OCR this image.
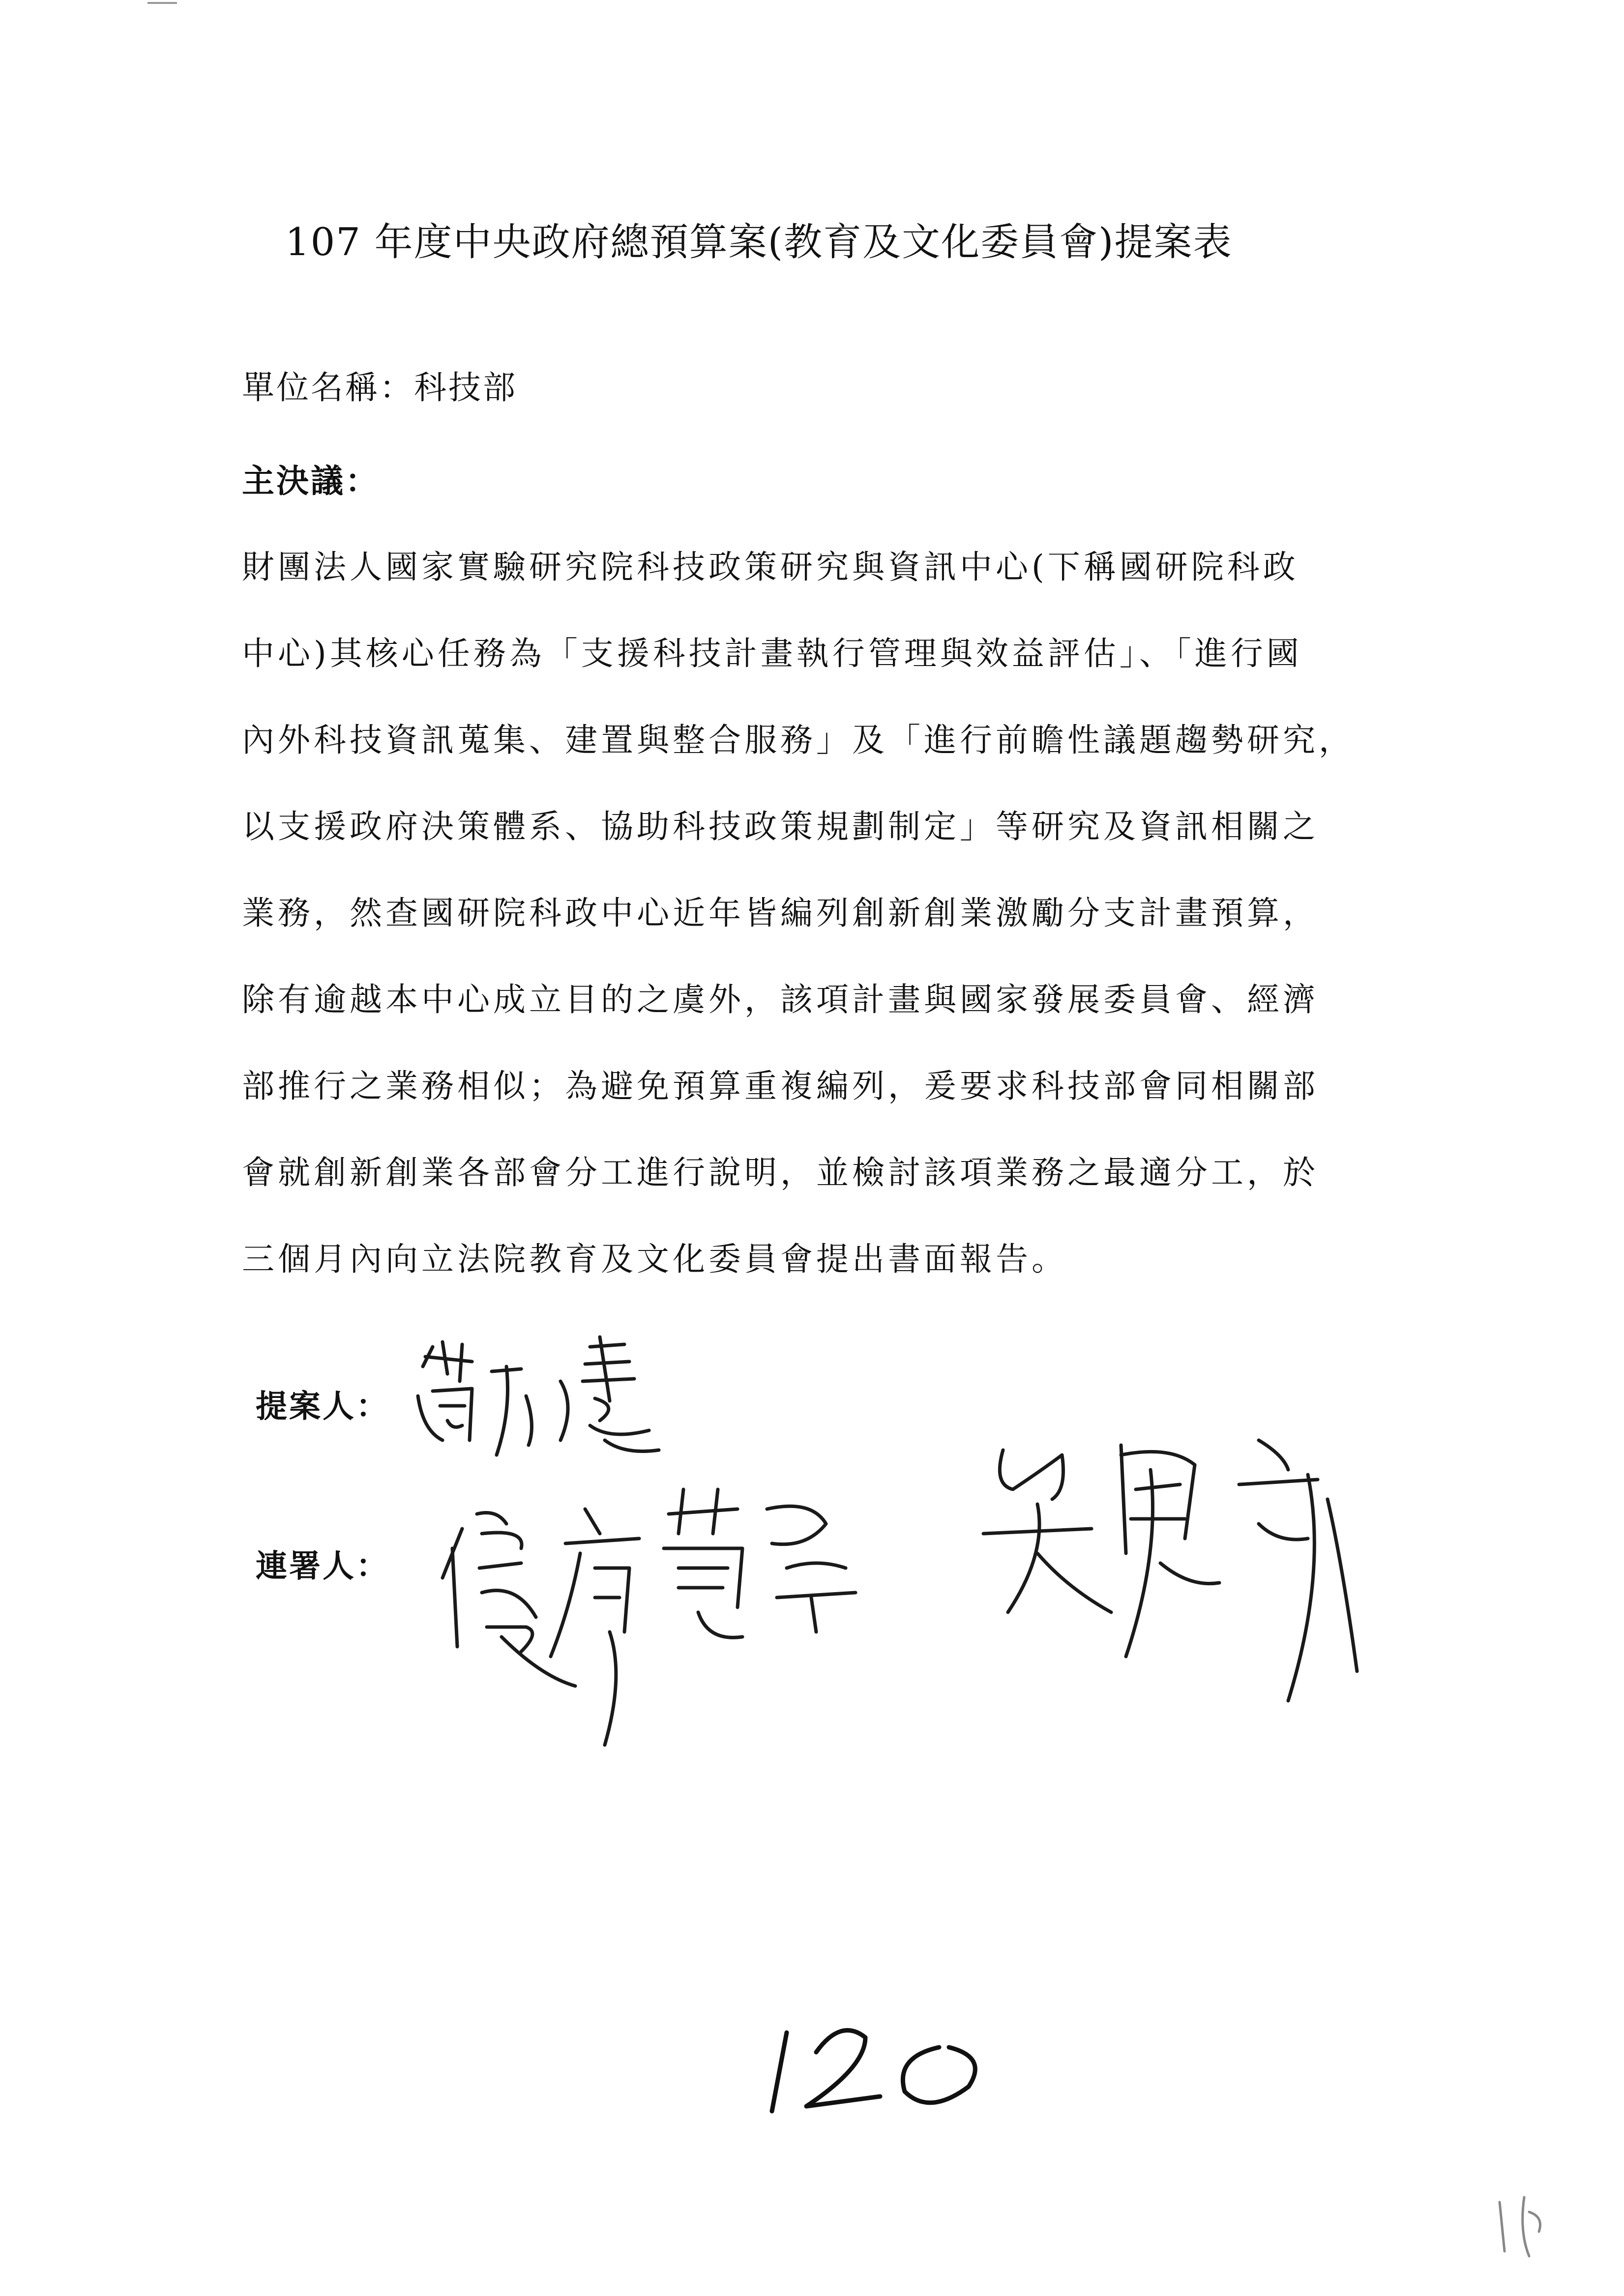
107 年度中央政府總預算案(教育及文化委員會)提案表
單位名稱：科技部
主決議：
財團法人國家實驗研究院科技政策研究與資訊中心(下稱國研院科政
中心)其核心任務為「支援科技計畫執行管理與效益評估」、「進行國
內外科技資訊蒐集、建置與整合服務」及「進行前瞻性議題趨勢研究，
以支援政府決策體系、協助科技政策規劃制定」等研究及資訊相關之
業務，然查國研院科政中心近年皆編列創新創業激勵分支計畫預算，
除有逾越本中心成立目的之虞外，該項計畫與國家發展委員會、經濟
部推行之業務相似；為避免預算重複編列，爰要求科技部會同相關部
會就創新創業各部會分工進行說明，並檢討該項業務之最適分工，於
三個月內向立法院教育及文化委員會提出書面報告。
提案人：
連署人：
